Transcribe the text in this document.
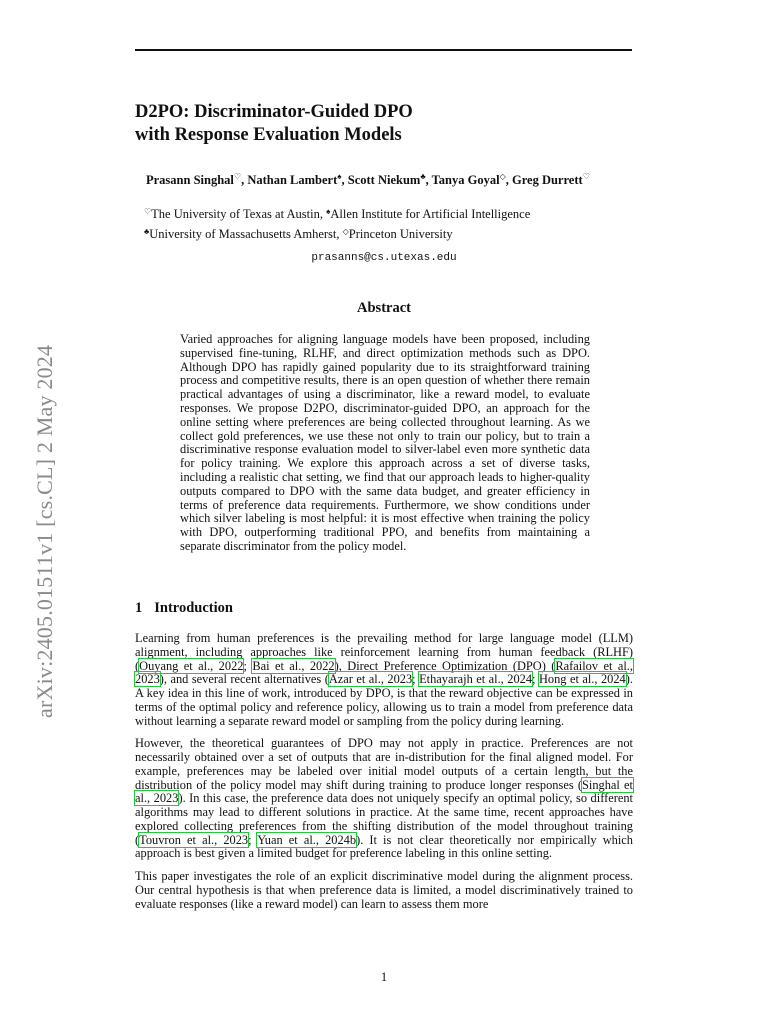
arXiv:2405.01511v1 [cs.CL] 2 May 2024
D2PO: Discriminator-Guided DPO
with Response Evaluation Models
Prasann Singhal♡, Nathan Lambert♠, Scott Niekum♣, Tanya Goyal◇, Greg Durrett♡
♡The University of Texas at Austin, ♠Allen Institute for Artificial Intelligence
♣University of Massachusetts Amherst, ◇Princeton University
prasanns@cs.utexas.edu
Abstract
Varied approaches for aligning language models have been proposed, including supervised fine-tuning, RLHF, and direct optimization methods such as DPO. Although DPO has rapidly gained popularity due to its straightforward training process and competitive results, there is an open question of whether there remain practical advantages of using a discriminator, like a reward model, to evaluate responses. We propose D2PO, discriminator-guided DPO, an approach for the online setting where preferences are being collected throughout learning. As we collect gold preferences, we use these not only to train our policy, but to train a discriminative response evaluation model to silver-label even more synthetic data for policy training. We explore this approach across a set of diverse tasks, including a realistic chat setting, we find that our approach leads to higher-quality outputs compared to DPO with the same data budget, and greater efficiency in terms of preference data requirements. Furthermore, we show conditions under which silver labeling is most helpful: it is most effective when training the policy with DPO, outperforming traditional PPO, and benefits from maintaining a separate discriminator from the policy model.
1 Introduction

Learning from human preferences is the prevailing method for large language model (LLM) alignment, including approaches like reinforcement learning from human feedback (RLHF) (Ouyang et al., 2022; Bai et al., 2022), Direct Preference Optimization (DPO) (Rafailov et al., 2023), and several recent alternatives (Azar et al., 2023; Ethayarajh et al., 2024; Hong et al., 2024). A key idea in this line of work, introduced by DPO, is that the reward objective can be expressed in terms of the optimal policy and reference policy, allowing us to train a model from preference data without learning a separate reward model or sampling from the policy during learning.

However, the theoretical guarantees of DPO may not apply in practice. Preferences are not necessarily obtained over a set of outputs that are in-distribution for the final aligned model. For example, preferences may be labeled over initial model outputs of a certain length, but the distribution of the policy model may shift during training to produce longer responses (Singhal et al., 2023). In this case, the preference data does not uniquely specify an optimal policy, so different algorithms may lead to different solutions in practice. At the same time, recent approaches have explored collecting preferences from the shifting distribution of the model throughout training (Touvron et al., 2023; Yuan et al., 2024b). It is not clear theoretically nor empirically which approach is best given a limited budget for preference labeling in this online setting.

This paper investigates the role of an explicit discriminative model during the alignment process. Our central hypothesis is that when preference data is limited, a model discriminatively trained to evaluate responses (like a reward model) can learn to assess them more

1
